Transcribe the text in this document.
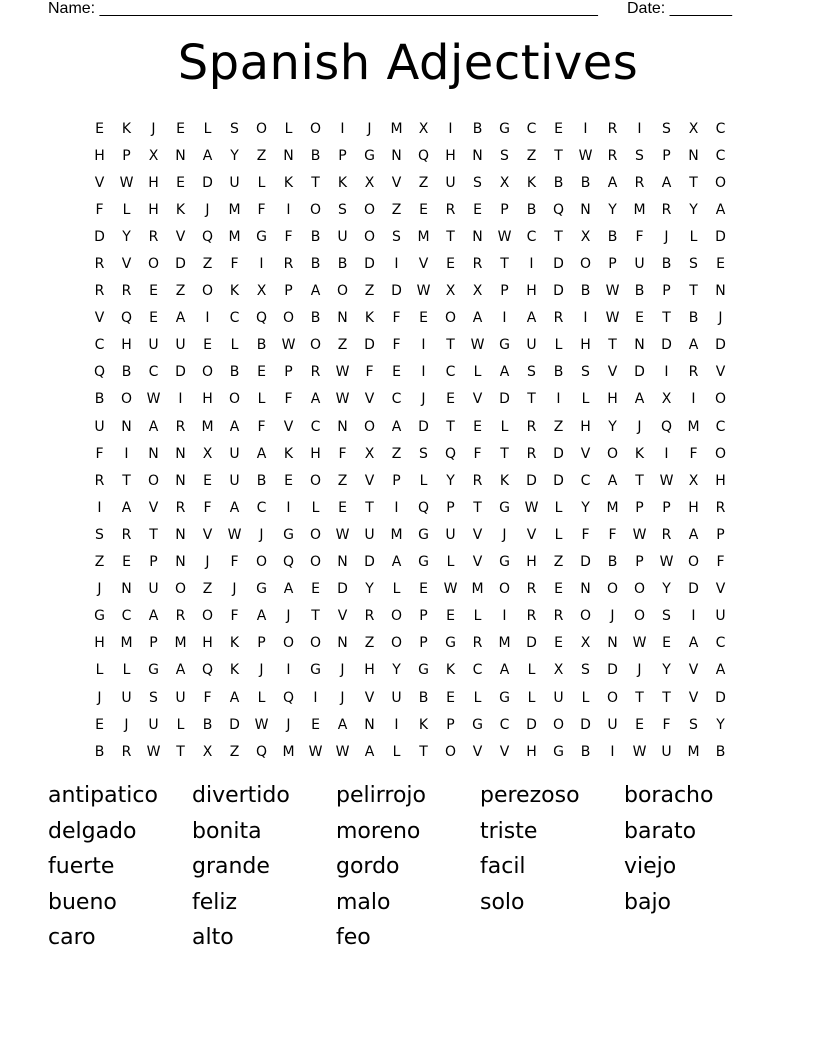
Name: ________________________________________________________ Date: _______
Spanish Adjectives
E	K	J	E	L	S	O	L	O	I	J	M	X	I	B	G	C	E	I	R	I	S	X	C
H	P	X	N	A	Y	Z	N	B	P	G	N	Q	H	N	S	Z	T	W	R	S	P	N	C
V	W	H	E	D	U	L	K	T	K	X	V	Z	U	S	X	K	B	B	A	R	A	T	O
F	L	H	K	J	M	F	I	O	S	O	Z	E	R	E	P	B	Q	N	Y	M	R	Y	A
D	Y	R	V	Q	M	G	F	B	U	O	S	M	T	N	W	C	T	X	B	F	J	L	D
R	V	O	D	Z	F	I	R	B	B	D	I	V	E	R	T	I	D	O	P	U	B	S	E
R	R	E	Z	O	K	X	P	A	O	Z	D	W	X	X	P	H	D	B	W	B	P	T	N
V	Q	E	A	I	C	Q	O	B	N	K	F	E	O	A	I	A	R	I	W	E	T	B	J
C	H	U	U	E	L	B	W	O	Z	D	F	I	T	W	G	U	L	H	T	N	D	A	D
Q	B	C	D	O	B	E	P	R	W	F	E	I	C	L	A	S	B	S	V	D	I	R	V
B	O	W	I	H	O	L	F	A	W	V	C	J	E	V	D	T	I	L	H	A	X	I	O
U	N	A	R	M	A	F	V	C	N	O	A	D	T	E	L	R	Z	H	Y	J	Q	M	C
F	I	N	N	X	U	A	K	H	F	X	Z	S	Q	F	T	R	D	V	O	K	I	F	O
R	T	O	N	E	U	B	E	O	Z	V	P	L	Y	R	K	D	D	C	A	T	W	X	H
I	A	V	R	F	A	C	I	L	E	T	I	Q	P	T	G	W	L	Y	M	P	P	H	R
S	R	T	N	V	W	J	G	O	W	U	M	G	U	V	J	V	L	F	F	W	R	A	P
Z	E	P	N	J	F	O	Q	O	N	D	A	G	L	V	G	H	Z	D	B	P	W	O	F
J	N	U	O	Z	J	G	A	E	D	Y	L	E	W	M	O	R	E	N	O	O	Y	D	V
G	C	A	R	O	F	A	J	T	V	R	O	P	E	L	I	R	R	O	J	O	S	I	U
H	M	P	M	H	K	P	O	O	N	Z	O	P	G	R	M	D	E	X	N	W	E	A	C
L	L	G	A	Q	K	J	I	G	J	H	Y	G	K	C	A	L	X	S	D	J	Y	V	A
J	U	S	U	F	A	L	Q	I	J	V	U	B	E	L	G	L	U	L	O	T	T	V	D
E	J	U	L	B	D	W	J	E	A	N	I	K	P	G	C	D	O	D	U	E	F	S	Y
B	R	W	T	X	Z	Q	M	W W	A	L	T	O	V	V	H	G	B	I	W	U	M	B
antipatico	divertido	pelirrojo	perezoso	boracho
delgado	bonita	moreno	triste	barato
fuerte	grande	gordo	facil	viejo
bueno	feliz	malo	solo	bajo
caro	alto	feo
